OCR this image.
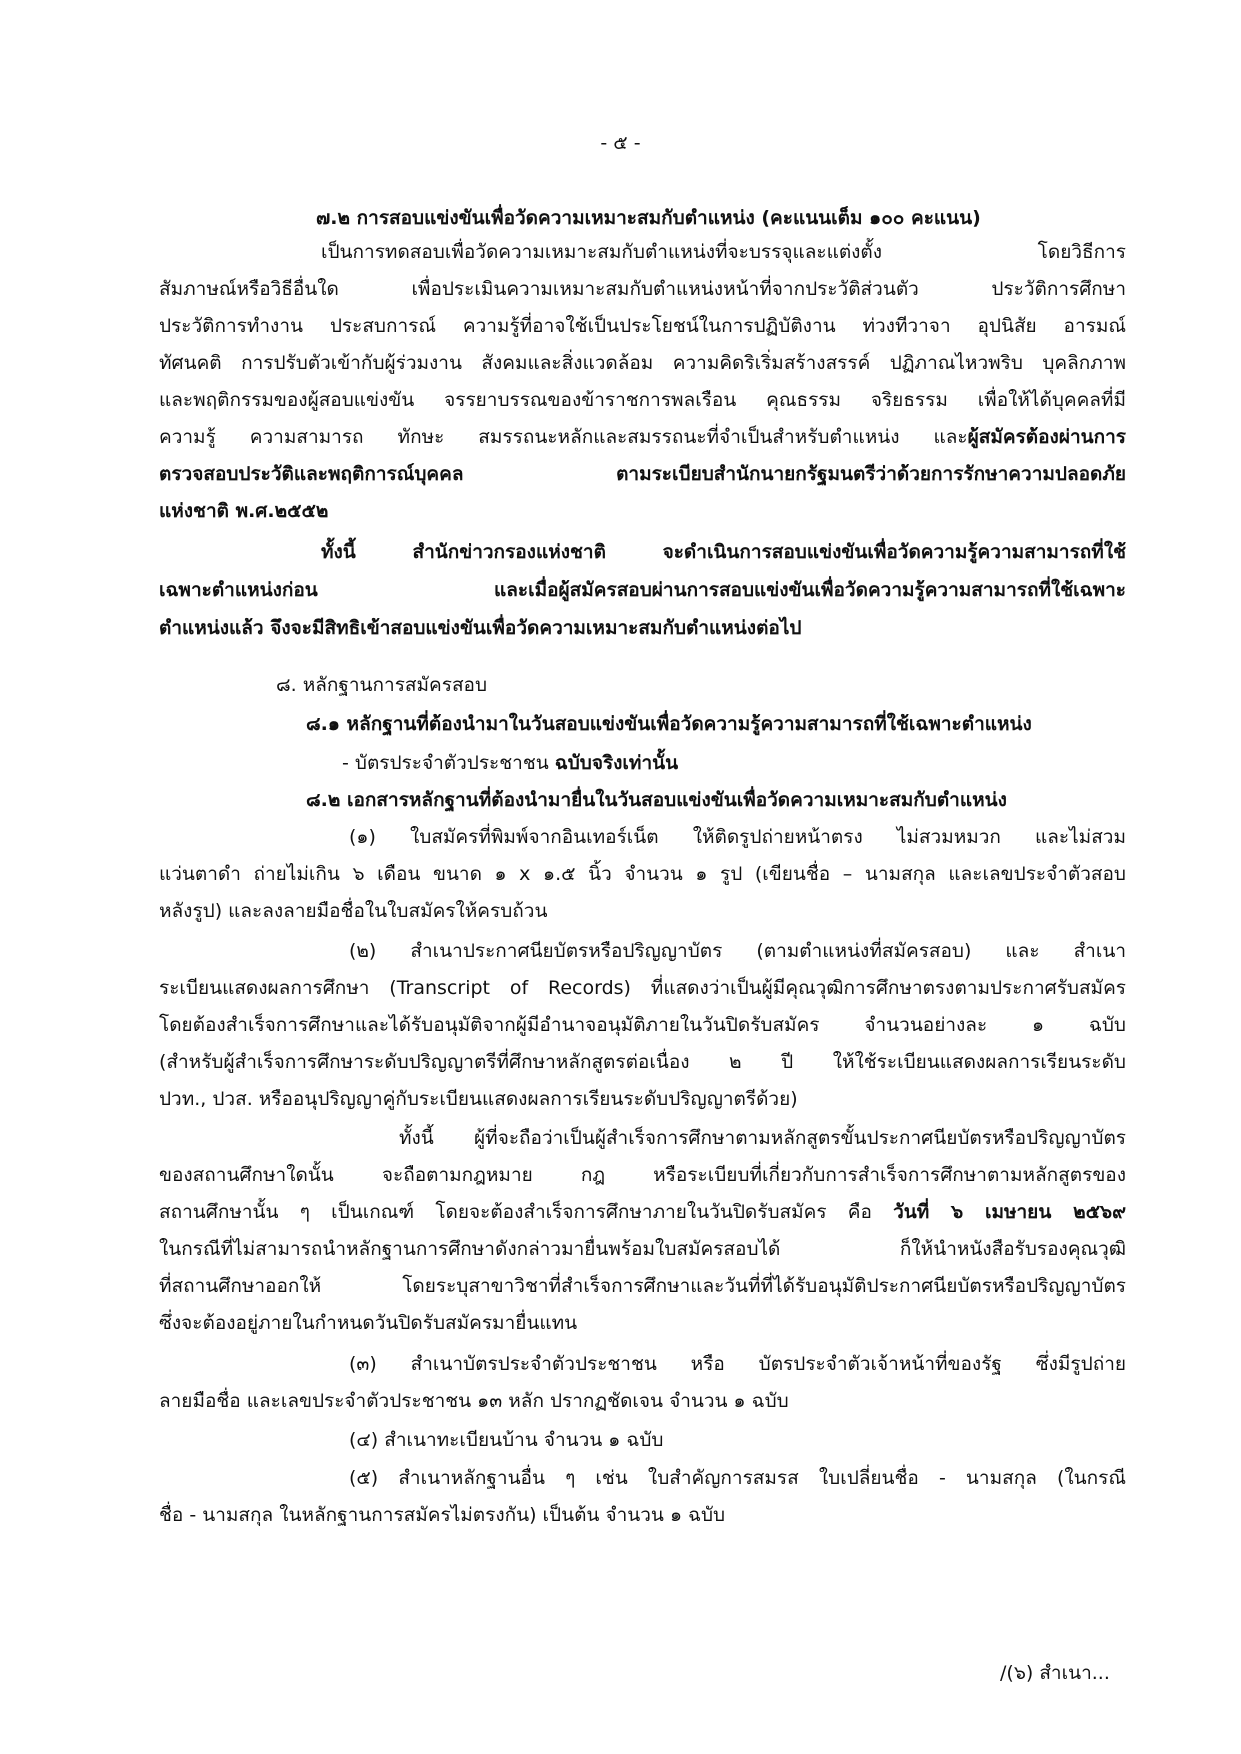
- ๕ -
๗.๒ การสอบแข่งขันเพื่อวัดความเหมาะสมกับตำแหน่ง (คะแนนเต็ม ๑๐๐ คะแนน)
เป็นการทดสอบเพื่อวัดความเหมาะสมกับตำแหน่งที่จะบรรจุและแต่งตั้ง โดยวิธีการ
สัมภาษณ์หรือวิธีอื่นใด เพื่อประเมินความเหมาะสมกับตำแหน่งหน้าที่จากประวัติส่วนตัว ประวัติการศึกษา
ประวัติการทำงาน ประสบการณ์ ความรู้ที่อาจใช้เป็นประโยชน์ในการปฏิบัติงาน ท่วงทีวาจา อุปนิสัย อารมณ์
ทัศนคติ การปรับตัวเข้ากับผู้ร่วมงาน สังคมและสิ่งแวดล้อม ความคิดริเริ่มสร้างสรรค์ ปฏิภาณไหวพริบ บุคลิกภาพ
และพฤติกรรมของผู้สอบแข่งขัน จรรยาบรรณของข้าราชการพลเรือน คุณธรรม จริยธรรม เพื่อให้ได้บุคคลที่มี
ความรู้ ความสามารถ ทักษะ สมรรถนะหลักและสมรรถนะที่จำเป็นสำหรับตำแหน่ง และผู้สมัครต้องผ่านการ
ตรวจสอบประวัติและพฤติการณ์บุคคล ตามระเบียบสำนักนายกรัฐมนตรีว่าด้วยการรักษาความปลอดภัย
แห่งชาติ พ.ศ.๒๕๕๒
ทั้งนี้ สำนักข่าวกรองแห่งชาติ จะดำเนินการสอบแข่งขันเพื่อวัดความรู้ความสามารถที่ใช้
เฉพาะตำแหน่งก่อน และเมื่อผู้สมัครสอบผ่านการสอบแข่งขันเพื่อวัดความรู้ความสามารถที่ใช้เฉพาะ
ตำแหน่งแล้ว จึงจะมีสิทธิเข้าสอบแข่งขันเพื่อวัดความเหมาะสมกับตำแหน่งต่อไป
๘. หลักฐานการสมัครสอบ
๘.๑ หลักฐานที่ต้องนำมาในวันสอบแข่งขันเพื่อวัดความรู้ความสามารถที่ใช้เฉพาะตำแหน่ง
- บัตรประจำตัวประชาชน ฉบับจริงเท่านั้น
๘.๒ เอกสารหลักฐานที่ต้องนำมายื่นในวันสอบแข่งขันเพื่อวัดความเหมาะสมกับตำแหน่ง
(๑) ใบสมัครที่พิมพ์จากอินเทอร์เน็ต ให้ติดรูปถ่ายหน้าตรง ไม่สวมหมวก และไม่สวม
แว่นตาดำ ถ่ายไม่เกิน ๖ เดือน ขนาด ๑ x ๑.๕ นิ้ว จำนวน ๑ รูป (เขียนชื่อ – นามสกุล และเลขประจำตัวสอบ
หลังรูป) และลงลายมือชื่อในใบสมัครให้ครบถ้วน
(๒) สำเนาประกาศนียบัตรหรือปริญญาบัตร (ตามตำแหน่งที่สมัครสอบ) และ สำเนา
ระเบียนแสดงผลการศึกษา (Transcript of Records) ที่แสดงว่าเป็นผู้มีคุณวุฒิการศึกษาตรงตามประกาศรับสมัคร
โดยต้องสำเร็จการศึกษาและได้รับอนุมัติจากผู้มีอำนาจอนุมัติภายในวันปิดรับสมัคร จำนวนอย่างละ ๑ ฉบับ
(สำหรับผู้สำเร็จการศึกษาระดับปริญญาตรีที่ศึกษาหลักสูตรต่อเนื่อง ๒ ปี ให้ใช้ระเบียนแสดงผลการเรียนระดับ
ปวท., ปวส. หรืออนุปริญญาคู่กับระเบียนแสดงผลการเรียนระดับปริญญาตรีด้วย)
ทั้งนี้ ผู้ที่จะถือว่าเป็นผู้สำเร็จการศึกษาตามหลักสูตรขั้นประกาศนียบัตรหรือปริญญาบัตร
ของสถานศึกษาใดนั้น จะถือตามกฎหมาย กฎ หรือระเบียบที่เกี่ยวกับการสำเร็จการศึกษาตามหลักสูตรของ
สถานศึกษานั้น ๆ เป็นเกณฑ์ โดยจะต้องสำเร็จการศึกษาภายในวันปิดรับสมัคร คือ วันที่ ๖ เมษายน ๒๕๖๙
ในกรณีที่ไม่สามารถนำหลักฐานการศึกษาดังกล่าวมายื่นพร้อมใบสมัครสอบได้ ก็ให้นำหนังสือรับรองคุณวุฒิ
ที่สถานศึกษาออกให้ โดยระบุสาขาวิชาที่สำเร็จการศึกษาและวันที่ที่ได้รับอนุมัติประกาศนียบัตรหรือปริญญาบัตร
ซึ่งจะต้องอยู่ภายในกำหนดวันปิดรับสมัครมายื่นแทน
(๓) สำเนาบัตรประจำตัวประชาชน หรือ บัตรประจำตัวเจ้าหน้าที่ของรัฐ ซึ่งมีรูปถ่าย
ลายมือชื่อ และเลขประจำตัวประชาชน ๑๓ หลัก ปรากฏชัดเจน จำนวน ๑ ฉบับ
(๔) สำเนาทะเบียนบ้าน จำนวน ๑ ฉบับ
(๕) สำเนาหลักฐานอื่น ๆ เช่น ใบสำคัญการสมรส ใบเปลี่ยนชื่อ - นามสกุล (ในกรณี
ชื่อ - นามสกุล ในหลักฐานการสมัครไม่ตรงกัน) เป็นต้น จำนวน ๑ ฉบับ
/(๖) สำเนา...
